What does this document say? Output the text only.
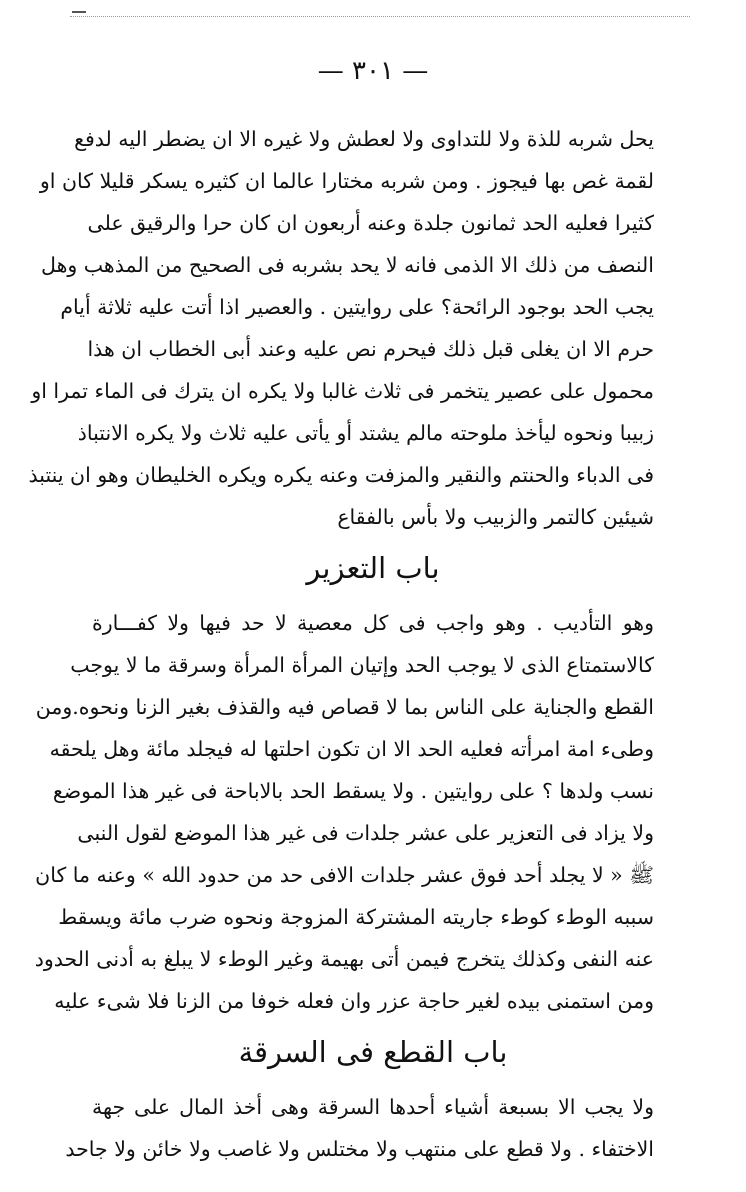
— ٣٠١ —
يحل شربه للذة ولا للتداوى ولا لعطش ولا غيره الا ان يضطر اليه لدفع
لقمة غص بها فيجوز . ومن شربه مختارا عالما ان كثيره يسكر قليلا كان او
كثيرا فعليه الحد ثمانون جلدة وعنه أربعون ان كان حرا والرقيق على
النصف من ذلك الا الذمى فانه لا يحد بشربه فى الصحيح من المذهب وهل
يجب الحد بوجود الرائحة؟ على روايتين . والعصير اذا أتت عليه ثلاثة أيام
حرم الا ان يغلى قبل ذلك فيحرم نص عليه وعند أبى الخطاب ان هذا
محمول على عصير يتخمر فى ثلاث غالبا ولا يكره ان يترك فى الماء تمرا او
زبيبا ونحوه ليأخذ ملوحته مالم يشتد أو يأتى عليه ثلاث ولا يكره الانتباذ
فى الدباء والحنتم والنقير والمزفت وعنه يكره ويكره الخليطان وهو ان ينتبذ
شيئين كالتمر والزبيب ولا بأس بالفقاع
باب التعزير
وهو التأديب . وهو واجب فى كل معصية لا حد فيها ولا كفـــارة
كالاستمتاع الذى لا يوجب الحد وإتيان المرأة المرأة وسرقة ما لا يوجب
القطع والجناية على الناس بما لا قصاص فيه والقذف بغير الزنا ونحوه.ومن
وطىء امة امرأته فعليه الحد الا ان تكون احلتها له فيجلد مائة وهل يلحقه
نسب ولدها ؟ على روايتين . ولا يسقط الحد بالاباحة فى غير هذا الموضع
ولا يزاد فى التعزير على عشر جلدات فى غير هذا الموضع لقول النبى
ﷺ « لا يجلد أحد فوق عشر جلدات الافى حد من حدود الله » وعنه ما كان
سببه الوطء كوطء جاريته المشتركة المزوجة ونحوه ضرب مائة ويسقط
عنه النفى وكذلك يتخرج فيمن أتى بهيمة وغير الوطء لا يبلغ به أدنى الحدود
ومن استمنى بيده لغير حاجة عزر وان فعله خوفا من الزنا فلا شىء عليه
باب القطع فى السرقة
ولا يجب الا بسبعة أشياء أحدها السرقة وهى أخذ المال على جهة
الاختفاء . ولا قطع على منتهب ولا مختلس ولا غاصب ولا خائن ولا جاحد
